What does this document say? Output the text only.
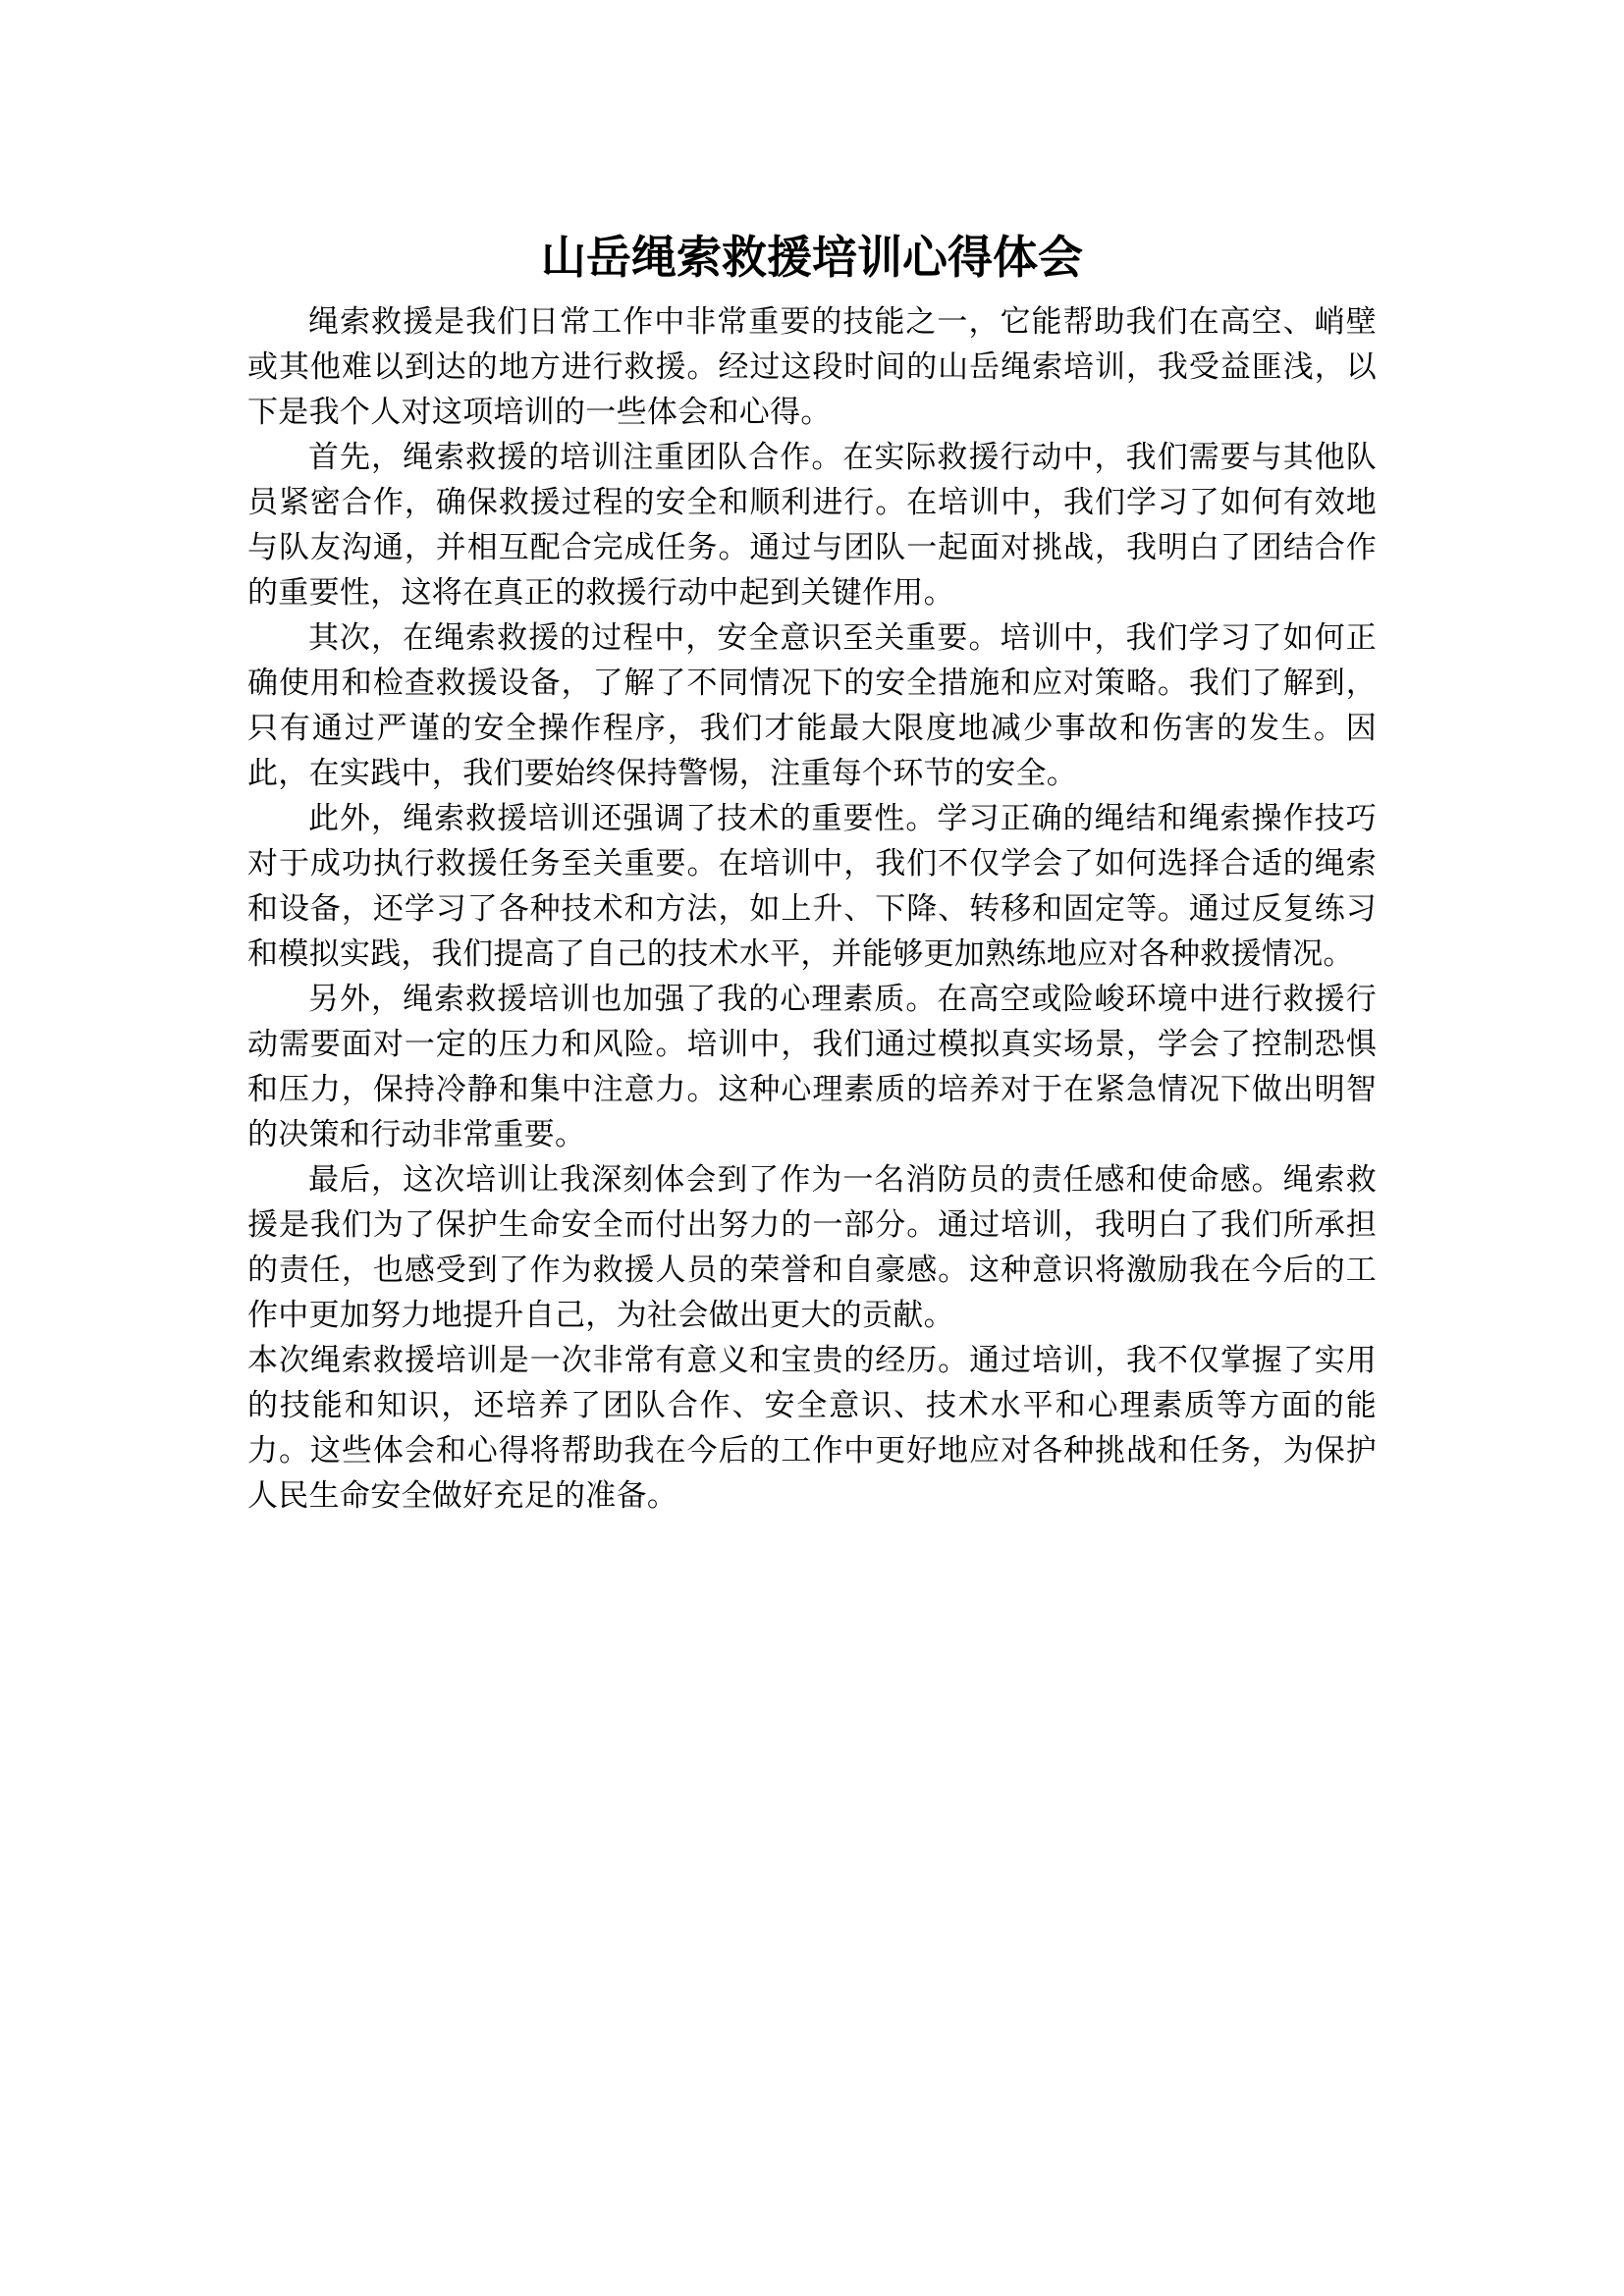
山岳绳索救援培训心得体会

绳索救援是我们日常工作中非常重要的技能之一，它能帮助我们在高空、峭壁或其他难以到达的地方进行救援。经过这段时间的山岳绳索培训，我受益匪浅，以下是我个人对这项培训的一些体会和心得。

首先，绳索救援的培训注重团队合作。在实际救援行动中，我们需要与其他队员紧密合作，确保救援过程的安全和顺利进行。在培训中，我们学习了如何有效地与队友沟通，并相互配合完成任务。通过与团队一起面对挑战，我明白了团结合作的重要性，这将在真正的救援行动中起到关键作用。

其次，在绳索救援的过程中，安全意识至关重要。培训中，我们学习了如何正确使用和检查救援设备，了解了不同情况下的安全措施和应对策略。我们了解到，只有通过严谨的安全操作程序，我们才能最大限度地减少事故和伤害的发生。因此，在实践中，我们要始终保持警惕，注重每个环节的安全。

此外，绳索救援培训还强调了技术的重要性。学习正确的绳结和绳索操作技巧对于成功执行救援任务至关重要。在培训中，我们不仅学会了如何选择合适的绳索和设备，还学习了各种技术和方法，如上升、下降、转移和固定等。通过反复练习和模拟实践，我们提高了自己的技术水平，并能够更加熟练地应对各种救援情况。

另外，绳索救援培训也加强了我的心理素质。在高空或险峻环境中进行救援行动需要面对一定的压力和风险。培训中，我们通过模拟真实场景，学会了控制恐惧和压力，保持冷静和集中注意力。这种心理素质的培养对于在紧急情况下做出明智的决策和行动非常重要。

最后，这次培训让我深刻体会到了作为一名消防员的责任感和使命感。绳索救援是我们为了保护生命安全而付出努力的一部分。通过培训，我明白了我们所承担的责任，也感受到了作为救援人员的荣誉和自豪感。这种意识将激励我在今后的工作中更加努力地提升自己，为社会做出更大的贡献。

本次绳索救援培训是一次非常有意义和宝贵的经历。通过培训，我不仅掌握了实用的技能和知识，还培养了团队合作、安全意识、技术水平和心理素质等方面的能力。这些体会和心得将帮助我在今后的工作中更好地应对各种挑战和任务，为保护人民生命安全做好充足的准备。
